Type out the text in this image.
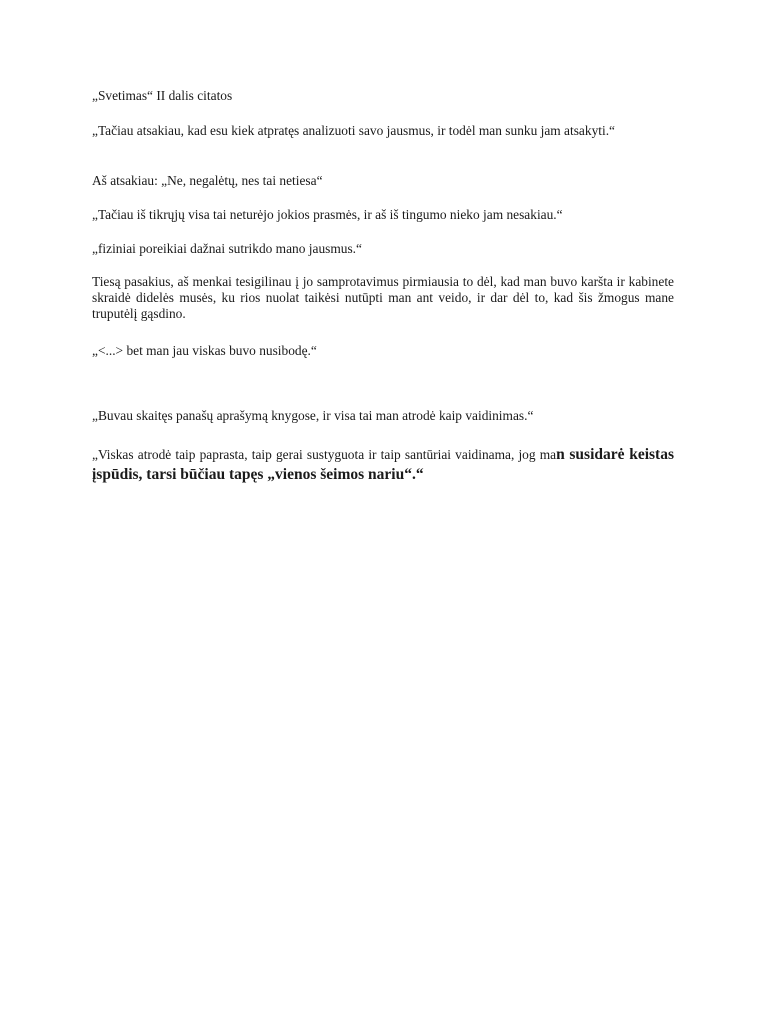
„Svetimas“ II dalis citatos

„Tačiau atsakiau, kad esu kiek atpratęs analizuoti savo jausmus, ir todėl man sunku jam atsakyti.“

Aš atsakiau: „Ne, negalėtų, nes tai netiesa“

„Tačiau iš tikrųjų visa tai neturėjo jokios prasmės, ir aš iš tingumo nieko jam nesakiau.“

„fiziniai poreikiai dažnai sutrikdo mano jausmus.“

Tiesą pasakius, aš menkai tesigilinau į jo samprotavimus pirmiausia to dėl, kad man buvo karšta ir kabinete skraidė didelės musės, ku rios nuolat taikėsi nutūpti man ant veido, ir dar dėl to, kad šis žmogus mane truputėlį gąsdino.

„<...> bet man jau viskas buvo nusibodę.“

„Buvau skaitęs panašų aprašymą knygose, ir visa tai man atrodė kaip vaidinimas.“

„Viskas atrodė taip paprasta, taip gerai sustyguota ir taip santūriai vaidinama, jog man susidarė keistas įspūdis, tarsi būčiau tapęs „vienos šeimos nariu“.“
